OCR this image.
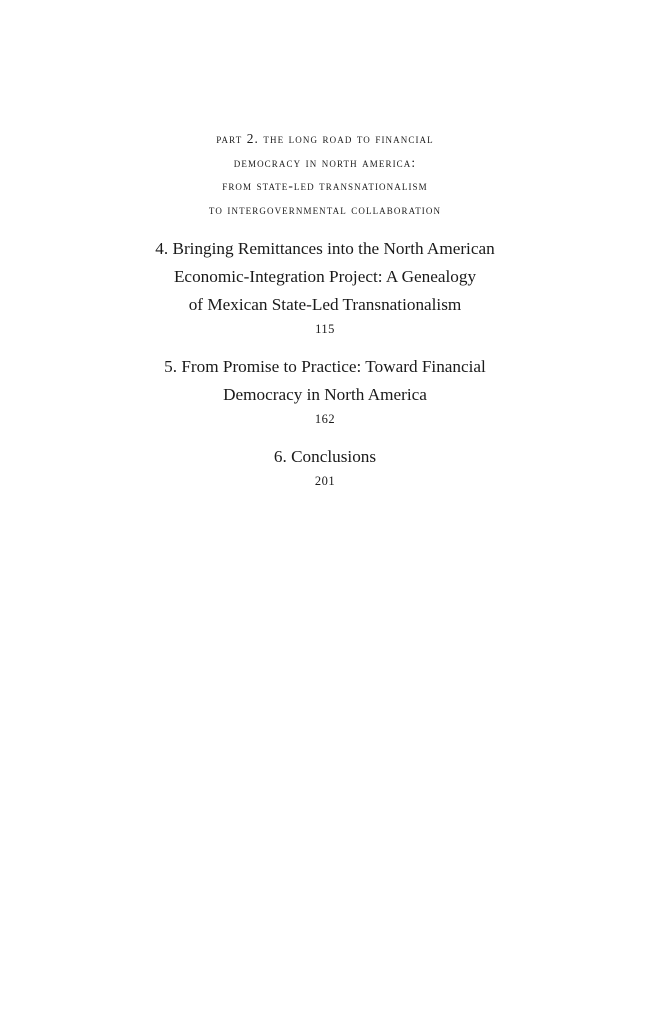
part 2. the long road to financial
democracy in north america:
from state-led transnationalism
to intergovernmental collaboration
4. Bringing Remittances into the North American
Economic-Integration Project: A Genealogy
of Mexican State-Led Transnationalism
115
5. From Promise to Practice: Toward Financial
Democracy in North America
162
6. Conclusions
201
